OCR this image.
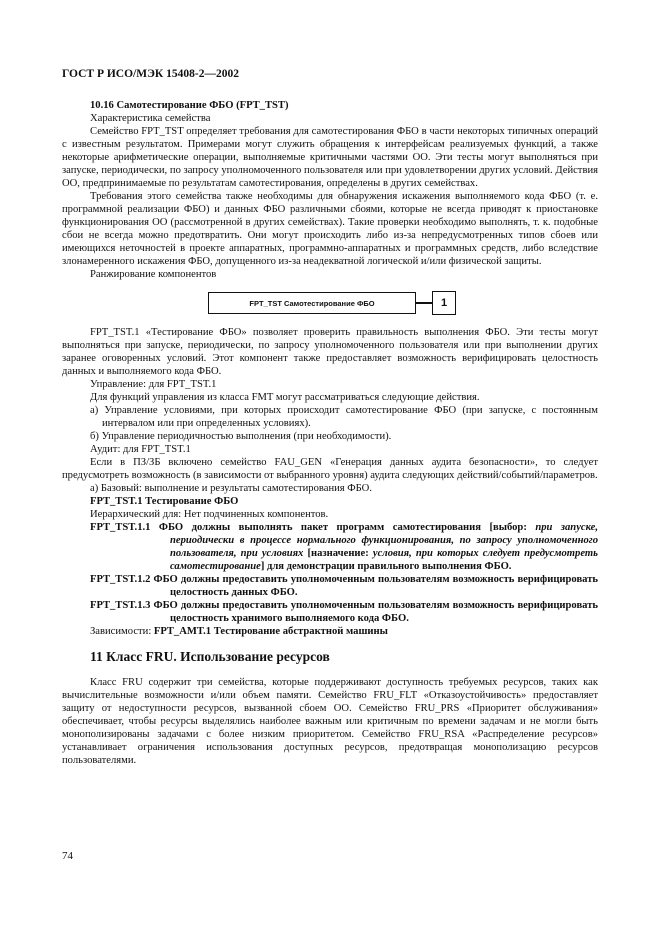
ГОСТ Р ИСО/МЭК 15408-2—2002

10.16 Самотестирование ФБО (FPT_TST)

Характеристика семейства

Семейство FPT_TST определяет требования для самотестирования ФБО в части некоторых типичных операций с известным результатом. Примерами могут служить обращения к интерфейсам реализуемых функций, а также некоторые арифметические операции, выполняемые критичными частями ОО. Эти тесты могут выполняться при запуске, периодически, по запросу уполномоченного пользователя или при удовлетворении других условий. Действия ОО, предпринимаемые по результатам самотестирования, определены в других семействах.

Требования этого семейства также необходимы для обнаружения искажения выполняемого кода ФБО (т. е. программной реализации ФБО) и данных ФБО различными сбоями, которые не всегда приводят к приостановке функционирования ОО (рассмотренной в других семействах). Такие проверки необходимо выполнять, т. к. подобные сбои не всегда можно предотвратить. Они могут происходить либо из-за непредусмотренных типов сбоев или имеющихся неточностей в проекте аппаратных, программно-аппаратных и программных средств, либо вследствие злонамеренного искажения ФБО, допущенного из-за неадекватной логической и/или физической защиты.

Ранжирование компонентов

FPT_TST Самотестирование ФБО	1

FPT_TST.1 «Тестирование ФБО» позволяет проверить правильность выполнения ФБО. Эти тесты могут выполняться при запуске, периодически, по запросу уполномоченного пользователя или при выполнении других заранее оговоренных условий. Этот компонент также предоставляет возможность верифицировать целостность данных и выполняемого кода ФБО.

Управление: для FPT_TST.1

Для функций управления из класса FMT могут рассматриваться следующие действия.

а) Управление условиями, при которых происходит самотестирование ФБО (при запуске, с постоянным интервалом или при определенных условиях).

б) Управление периодичностью выполнения (при необходимости).

Аудит: для FPT_TST.1

Если в ПЗ/ЗБ включено семейство FAU_GEN «Генерация данных аудита безопасности», то следует предусмотреть возможность (в зависимости от выбранного уровня) аудита следующих действий/событий/параметров.

а) Базовый: выполнение и результаты самотестирования ФБО.

FPT_TST.1 Тестирование ФБО

Иерархический для: Нет подчиненных компонентов.

FPT_TST.1.1 ФБО должны выполнять пакет программ самотестирования [выбор: при запуске, периодически в процессе нормального функционирования, по запросу уполномоченного пользователя, при условиях [назначение: условия, при которых следует предусмотреть самотестирование] для демонстрации правильного выполнения ФБО.

FPT_TST.1.2 ФБО должны предоставить уполномоченным пользователям возможность верифицировать целостность данных ФБО.

FPT_TST.1.3 ФБО должны предоставить уполномоченным пользователям возможность верифицировать целостность хранимого выполняемого кода ФБО.

Зависимости: FPT_AMT.1 Тестирование абстрактной машины

11 Класс FRU. Использование ресурсов

Класс FRU содержит три семейства, которые поддерживают доступность требуемых ресурсов, таких как вычислительные возможности и/или объем памяти. Семейство FRU_FLT «Отказоустойчивость» предоставляет защиту от недоступности ресурсов, вызванной сбоем ОО. Семейство FRU_PRS «Приоритет обслуживания» обеспечивает, чтобы ресурсы выделялись наиболее важным или критичным по времени задачам и не могли быть монополизированы задачами с более низким приоритетом. Семейство FRU_RSA «Распределение ресурсов» устанавливает ограничения использования доступных ресурсов, предотвращая монополизацию ресурсов пользователями.

74
